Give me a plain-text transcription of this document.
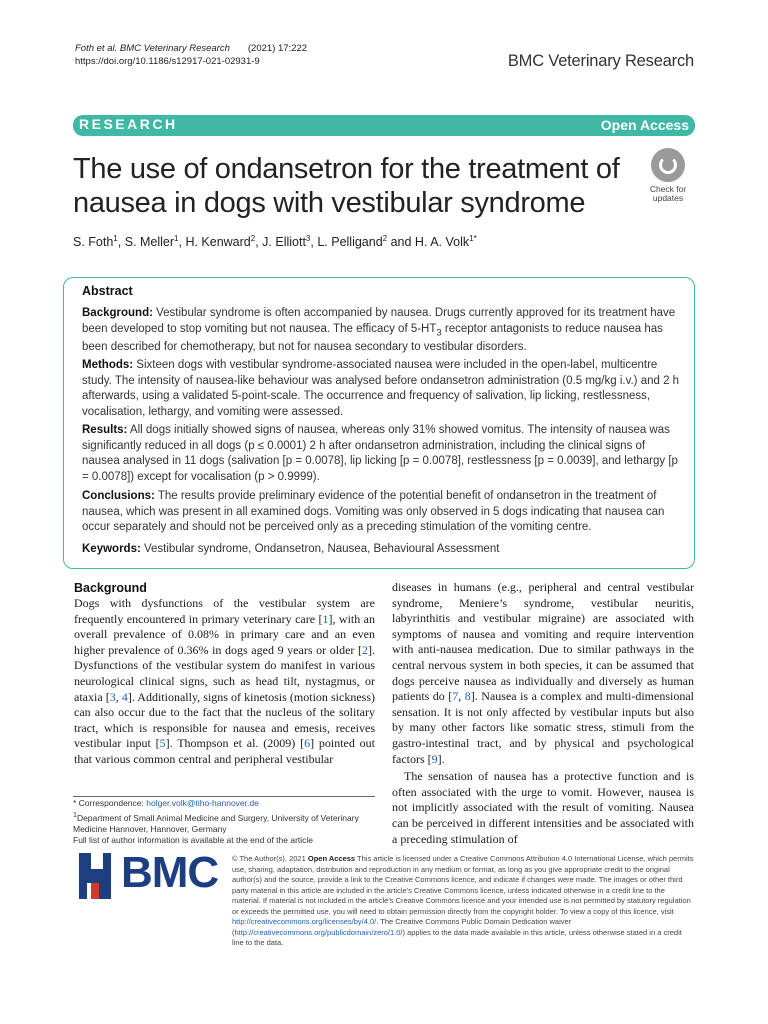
Foth et al. BMC Veterinary Research (2021) 17:222
https://doi.org/10.1186/s12917-021-02931-9	BMC Veterinary Research
RESEARCH	Open Access
The use of ondansetron for the treatment of nausea in dogs with vestibular syndrome	Check for
updates
S. Foth$^1$, S. Meller$^1$, H. Kenward$^2$, J. Elliott$^3$, L. Pelligand$^2$ and H. A. Volk$^{1*}$
Abstract

Background: Vestibular syndrome is often accompanied by nausea. Drugs currently approved for its treatment have been developed to stop vomiting but not nausea. The efficacy of $5-HT_3$ receptor antagonists to reduce nausea has been described for chemotherapy, but not for nausea secondary to vestibular disorders.

Methods: Sixteen dogs with vestibular syndrome-associated nausea were included in the open-label, multicentre study. The intensity of nausea-like behaviour was analysed before ondansetron administration (0.5 mg/kg i.v.) and 2 h afterwards, using a validated 5-point-scale. The occurrence and frequency of salivation, lip licking, restlessness, vocalisation, lethargy, and vomiting were assessed.

Results: All dogs initially showed signs of nausea, whereas only 31% showed vomitus. The intensity of nausea was significantly reduced in all dogs (p ≤ 0.0001) 2 h after ondansetron administration, including the clinical signs of nausea analysed in 11 dogs (salivation [p = 0.0078], lip licking [p = 0.0078], restlessness [p = 0.0039], and lethargy [p = 0.0078]) except for vocalisation (p > 0.9999).

Conclusions: The results provide preliminary evidence of the potential benefit of ondansetron in the treatment of nausea, which was present in all examined dogs. Vomiting was only observed in 5 dogs indicating that nausea can occur separately and should not be perceived only as a preceding stimulation of the vomiting centre.

Keywords: Vestibular syndrome, Ondansetron, Nausea, Behavioural Assessment

Background

Dogs with dysfunctions of the vestibular system are frequently encountered in primary veterinary care [1], with an overall prevalence of 0.08% in primary care and an even higher prevalence of 0.36% in dogs aged 9 years or older [2]. Dysfunctions of the vestibular system do manifest in various neurological clinical signs, such as head tilt, nystagmus, or ataxia [3, 4]. Additionally, signs of kinetosis (motion sickness) can also occur due to the fact that the nucleus of the solitary tract, which is responsible for nausea and emesis, receives vestibular input [5]. Thompson et al. (2009) [6] pointed out that various common central and peripheral vestibular

diseases in humans (e.g., peripheral and central vestibular syndrome, Meniere’s syndrome, vestibular neuritis, labyrinthitis and vestibular migraine) are associated with symptoms of nausea and vomiting and require intervention with anti-nausea medication. Due to similar pathways in the central nervous system in both species, it can be assumed that dogs perceive nausea as individually and diversely as human patients do [7, 8]. Nausea is a complex and multi-dimensional sensation. It is not only affected by vestibular inputs but also by many other factors like somatic stress, stimuli from the gastro-intestinal tract, and by physical and psychological factors [9].

The sensation of nausea has a protective function and is often associated with the urge to vomit. However, nausea is not implicitly associated with the result of vomiting. Nausea can be perceived in different intensities and be associated with a preceding stimulation of

* Correspondence: holger.volk@tiho-hannover.de
$^1$Department of Small Animal Medicine and Surgery, University of Veterinary Medicine Hannover, Hannover, Germany
Full list of author information is available at the end of the article
BMC © The Author(s). 2021 Open Access This article is licensed under a Creative Commons Attribution 4.0 International License, which permits use, sharing, adaptation, distribution and reproduction in any medium or format, as long as you give appropriate credit to the original author(s) and the source, provide a link to the Creative Commons licence, and indicate if changes were made. The images or other third party material in this article are included in the article's Creative Commons licence, unless indicated otherwise in a credit line to the material. If material is not included in the article's Creative Commons licence and your intended use is not permitted by statutory regulation or exceeds the permitted use, you will need to obtain permission directly from the copyright holder. To view a copy of this licence, visit http://creativecommons.org/licenses/by/4.0/. The Creative Commons Public Domain Dedication waiver (http://creativecommons.org/publicdomain/zero/1.0/) applies to the data made available in this article, unless otherwise stated in a credit line to the data.
